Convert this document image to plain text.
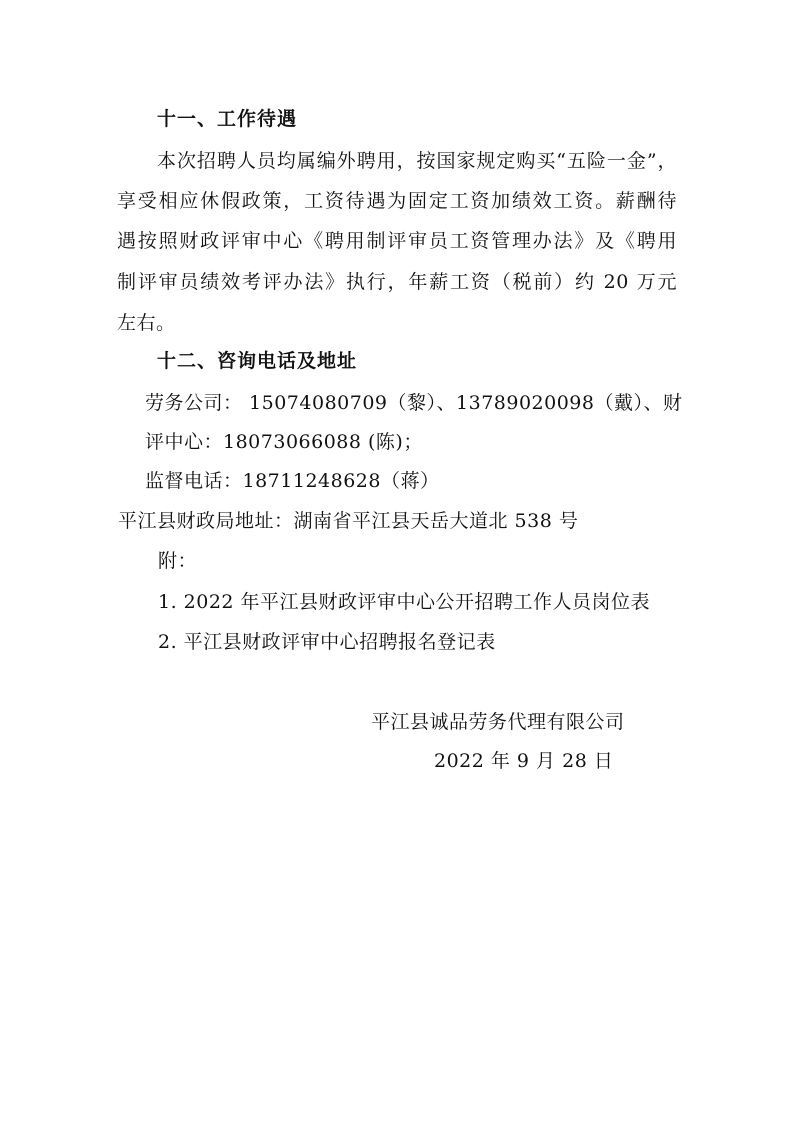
十一、工作待遇
本次招聘人员均属编外聘用，按国家规定购买“五险一金”，
享受相应休假政策，工资待遇为固定工资加绩效工资。薪酬待
遇按照财政评审中心《聘用制评审员工资管理办法》及《聘用
制评审员绩效考评办法》执行，年薪工资（税前）约 20 万元
左右。
十二、咨询电话及地址
劳务公司： 15074080709（黎）、13789020098（戴）、财
评中心：18073066088 (陈)；
监督电话：18711248628（蒋）
平江县财政局地址：湖南省平江县天岳大道北 538 号
附：
1. 2022 年平江县财政评审中心公开招聘工作人员岗位表
2. 平江县财政评审中心招聘报名登记表
平江县诚品劳务代理有限公司
2022 年 9 月 28 日
